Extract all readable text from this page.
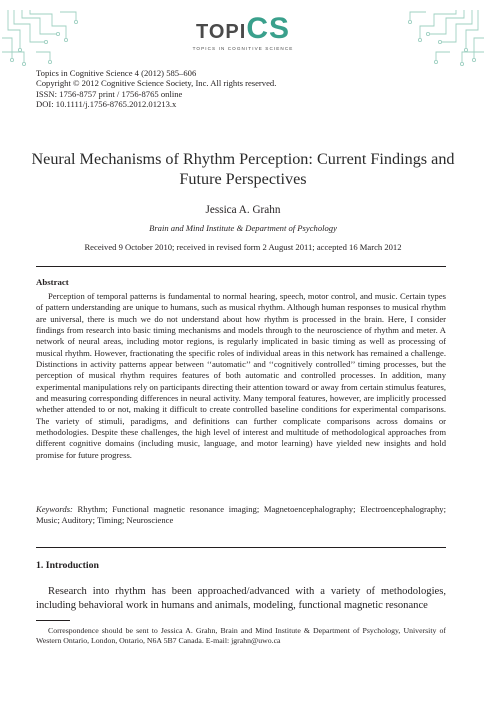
TOPICS
TOPICS IN COGNITIVE SCIENCE
Topics in Cognitive Science 4 (2012) 585–606
Copyright © 2012 Cognitive Science Society, Inc. All rights reserved.
ISSN: 1756-8757 print / 1756-8765 online
DOI: 10.1111/j.1756-8765.2012.01213.x
Neural Mechanisms of Rhythm Perception: Current Findings and Future Perspectives
Jessica A. Grahn
Brain and Mind Institute & Department of Psychology
Received 9 October 2010; received in revised form 2 August 2011; accepted 16 March 2012
Abstract

Perception of temporal patterns is fundamental to normal hearing, speech, motor control, and music. Certain types of pattern understanding are unique to humans, such as musical rhythm. Although human responses to musical rhythm are universal, there is much we do not understand about how rhythm is processed in the brain. Here, I consider findings from research into basic timing mechanisms and models through to the neuroscience of rhythm and meter. A network of neural areas, including motor regions, is regularly implicated in basic timing as well as processing of musical rhythm. However, fractionating the specific roles of individual areas in this network has remained a challenge. Distinctions in activity patterns appear between ‘‘automatic’’ and ‘‘cognitively controlled’’ timing processes, but the perception of musical rhythm requires features of both automatic and controlled processes. In addition, many experimental manipulations rely on participants directing their attention toward or away from certain stimulus features, and measuring corresponding differences in neural activity. Many temporal features, however, are implicitly processed whether attended to or not, making it difficult to create controlled baseline conditions for experimental comparisons. The variety of stimuli, paradigms, and definitions can further complicate comparisons across domains or methodologies. Despite these challenges, the high level of interest and multitude of methodological approaches from different cognitive domains (including music, language, and motor learning) have yielded new insights and hold promise for future progress.

Keywords: Rhythm; Functional magnetic resonance imaging; Magnetoencephalography; Electroencephalography; Music; Auditory; Timing; Neuroscience

1. Introduction

Research into rhythm has been approached/advanced with a variety of methodologies, including behavioral work in humans and animals, modeling, functional magnetic resonance

Correspondence should be sent to Jessica A. Grahn, Brain and Mind Institute & Department of Psychology, University of Western Ontario, London, Ontario, N6A 5B7 Canada. E-mail: jgrahn@uwo.ca
